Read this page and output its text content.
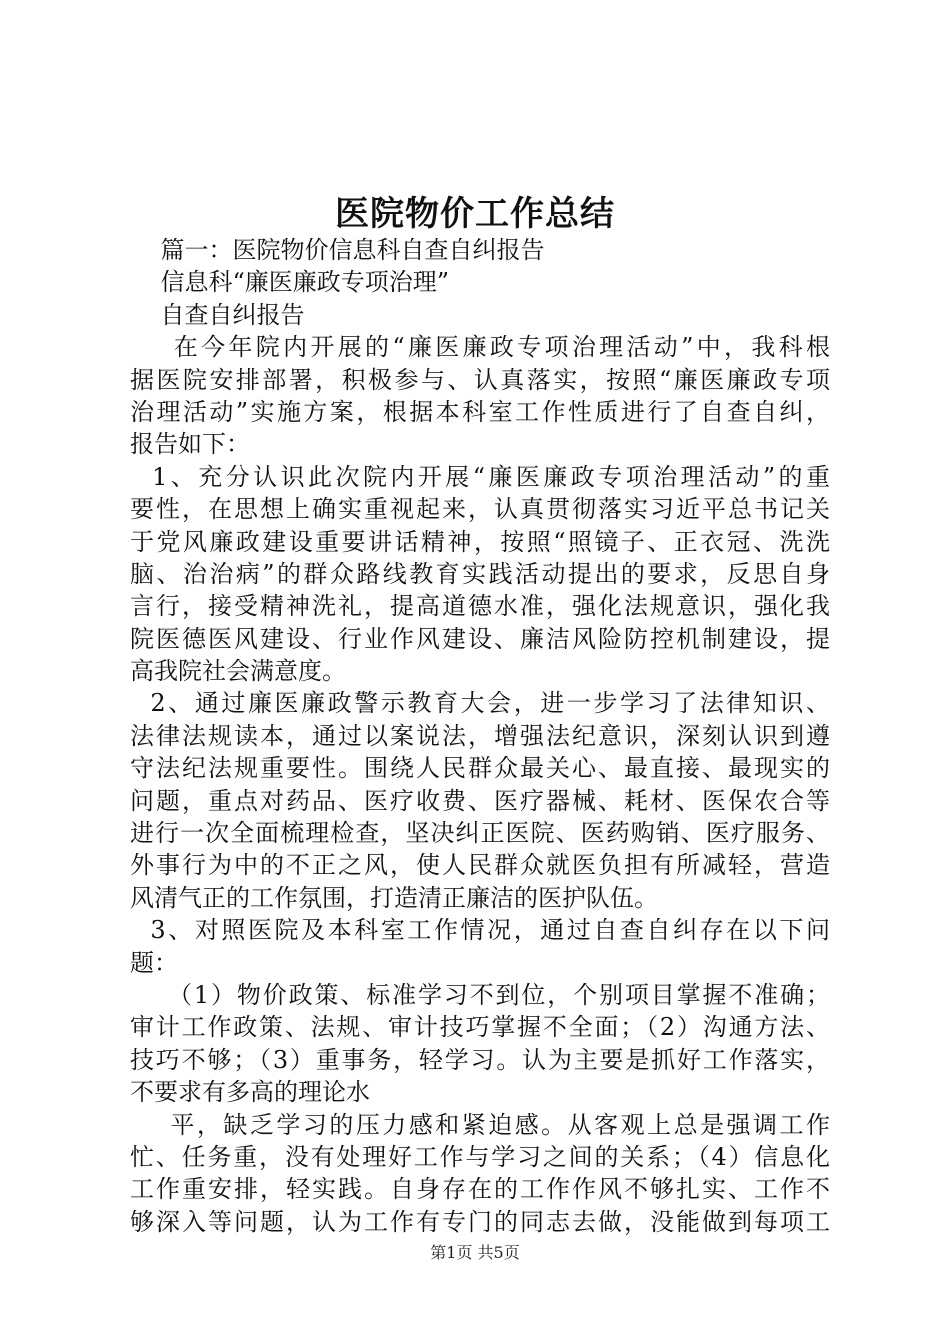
医院物价工作总结
篇一：医院物价信息科自查自纠报告
信息科“廉医廉政专项治理”
自查自纠报告
在今年院内开展的“廉医廉政专项治理活动”中，我科根
据医院安排部署，积极参与、认真落实，按照“廉医廉政专项
治理活动”实施方案，根据本科室工作性质进行了自查自纠，
报告如下：
1、充分认识此次院内开展“廉医廉政专项治理活动”的重
要性，在思想上确实重视起来，认真贯彻落实习近平总书记关
于党风廉政建设重要讲话精神，按照“照镜子、正衣冠、洗洗
脑、治治病”的群众路线教育实践活动提出的要求，反思自身
言行，接受精神洗礼，提高道德水准，强化法规意识，强化我
院医德医风建设、行业作风建设、廉洁风险防控机制建设，提
高我院社会满意度。
2、通过廉医廉政警示教育大会，进一步学习了法律知识、
法律法规读本，通过以案说法，增强法纪意识，深刻认识到遵
守法纪法规重要性。围绕人民群众最关心、最直接、最现实的
问题，重点对药品、医疗收费、医疗器械、耗材、医保农合等
进行一次全面梳理检查，坚决纠正医院、医药购销、医疗服务、
外事行为中的不正之风，使人民群众就医负担有所减轻，营造
风清气正的工作氛围，打造清正廉洁的医护队伍。
3、对照医院及本科室工作情况，通过自查自纠存在以下问
题：
（1）物价政策、标准学习不到位，个别项目掌握不准确；
审计工作政策、法规、审计技巧掌握不全面；（2）沟通方法、
技巧不够；（3）重事务，轻学习。认为主要是抓好工作落实，
不要求有多高的理论水
平，缺乏学习的压力感和紧迫感。从客观上总是强调工作
忙、任务重，没有处理好工作与学习之间的关系；（4）信息化
工作重安排，轻实践。自身存在的工作作风不够扎实、工作不
够深入等问题，认为工作有专门的同志去做，没能做到每项工
第1页 共5页
